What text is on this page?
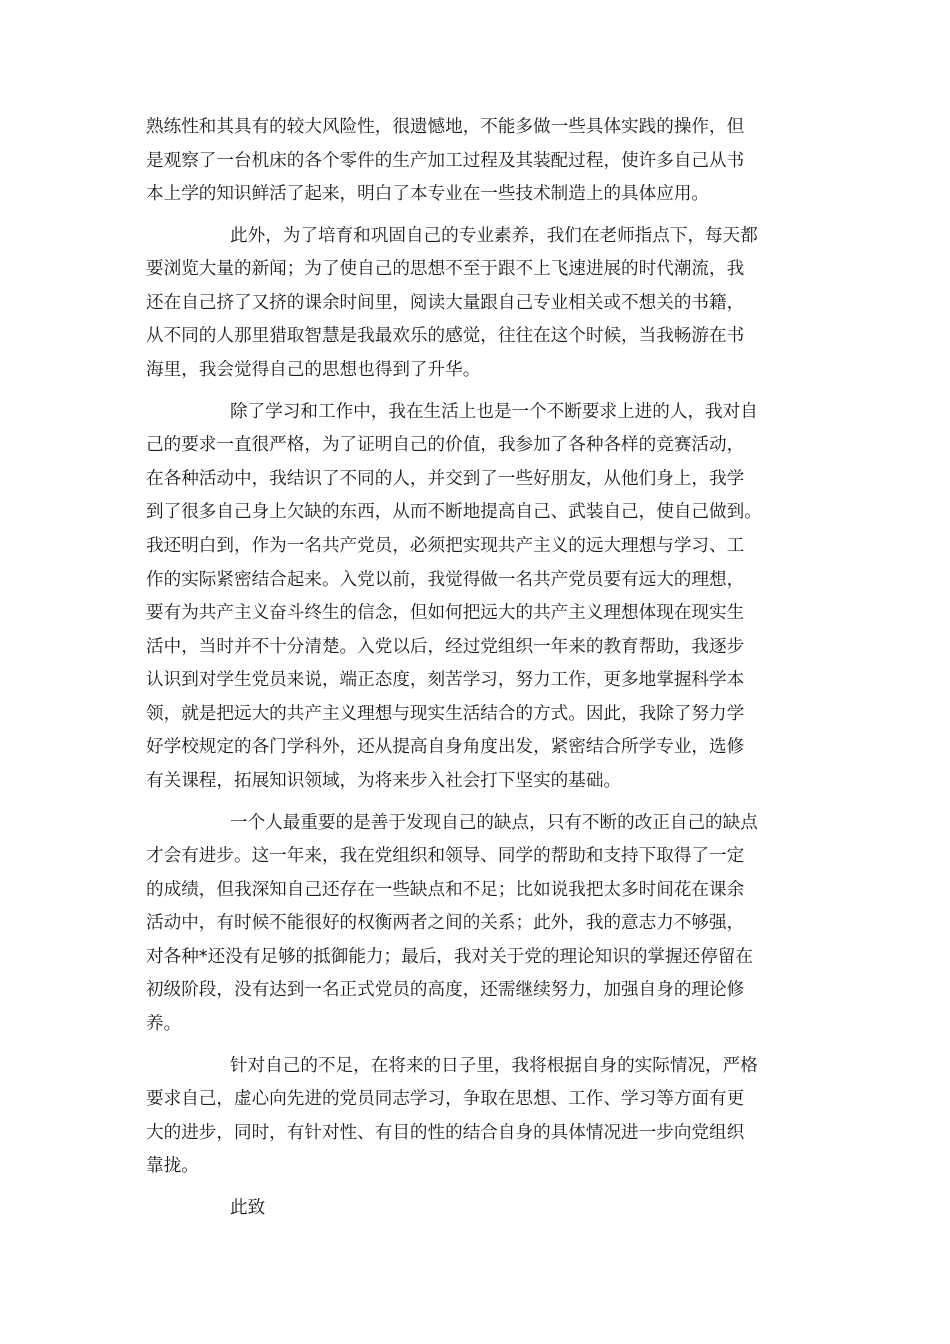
熟练性和其具有的较大风险性，很遗憾地，不能多做一些具体实践的操作，但

是观察了一台机床的各个零件的生产加工过程及其装配过程，使许多自己从书

本上学的知识鲜活了起来，明白了本专业在一些技术制造上的具体应用。

此外，为了培育和巩固自己的专业素养，我们在老师指点下，每天都

要浏览大量的新闻；为了使自己的思想不至于跟不上飞速进展的时代潮流，我

还在自己挤了又挤的课余时间里，阅读大量跟自己专业相关或不想关的书籍，

从不同的人那里猎取智慧是我最欢乐的感觉，往往在这个时候，当我畅游在书

海里，我会觉得自己的思想也得到了升华。

除了学习和工作中，我在生活上也是一个不断要求上进的人，我对自

己的要求一直很严格，为了证明自己的价值，我参加了各种各样的竞赛活动，

在各种活动中，我结识了不同的人，并交到了一些好朋友，从他们身上，我学

到了很多自己身上欠缺的东西，从而不断地提高自己、武装自己，使自己做到。

我还明白到，作为一名共产党员，必须把实现共产主义的远大理想与学习、工

作的实际紧密结合起来。入党以前，我觉得做一名共产党员要有远大的理想，

要有为共产主义奋斗终生的信念，但如何把远大的共产主义理想体现在现实生

活中，当时并不十分清楚。入党以后，经过党组织一年来的教育帮助，我逐步

认识到对学生党员来说，端正态度，刻苦学习，努力工作，更多地掌握科学本

领，就是把远大的共产主义理想与现实生活结合的方式。因此，我除了努力学

好学校规定的各门学科外，还从提高自身角度出发，紧密结合所学专业，选修

有关课程，拓展知识领域，为将来步入社会打下坚实的基础。

一个人最重要的是善于发现自己的缺点，只有不断的改正自己的缺点

才会有进步。这一年来，我在党组织和领导、同学的帮助和支持下取得了一定

的成绩，但我深知自己还存在一些缺点和不足；比如说我把太多时间花在课余

活动中，有时候不能很好的权衡两者之间的关系；此外，我的意志力不够强，

对各种*还没有足够的抵御能力；最后，我对关于党的理论知识的掌握还停留在

初级阶段，没有达到一名正式党员的高度，还需继续努力，加强自身的理论修

养。

针对自己的不足，在将来的日子里，我将根据自身的实际情况，严格

要求自己，虚心向先进的党员同志学习，争取在思想、工作、学习等方面有更

大的进步，同时，有针对性、有目的性的结合自身的具体情况进一步向党组织

靠拢。

此致
